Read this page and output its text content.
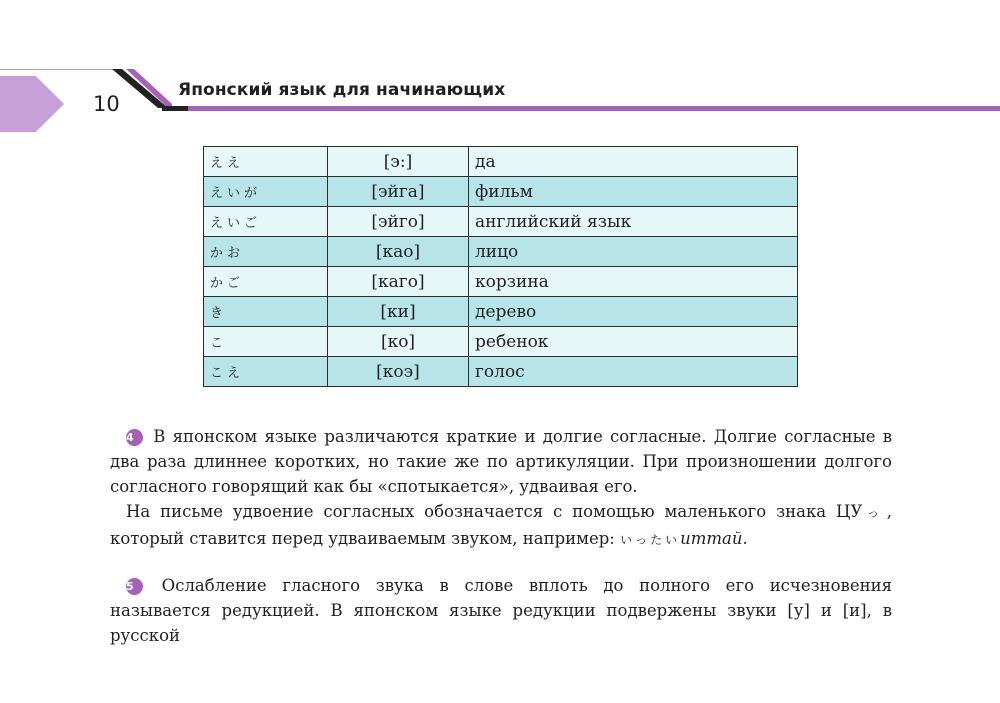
10
Японский язык для начинающих
ええ	[э:]	да
えいが	[эйга]	фильм
えいご	[эйго]	английский язык
かお	[као]	лицо
かご	[каго]	корзина
き	[ки]	дерево
こ	[ко]	ребенок
こえ	[коэ]	голос

4 В японском языке различаются краткие и долгие согласные. Долгие согласные в два раза длиннее коротких, но такие же по артикуляции. При произношении долгого согласного говорящий как бы «спотыкается», удваивая его.

На письме удвоение согласных обозначается с помощью маленького знака ЦУっ, который ставится перед удваиваемым звуком, например: いったいиттай.

5 Ослабление гласного звука в слове вплоть до полного его исчезновения называется редукцией. В японском языке редукции подвержены звуки [у] и [и], в русской
